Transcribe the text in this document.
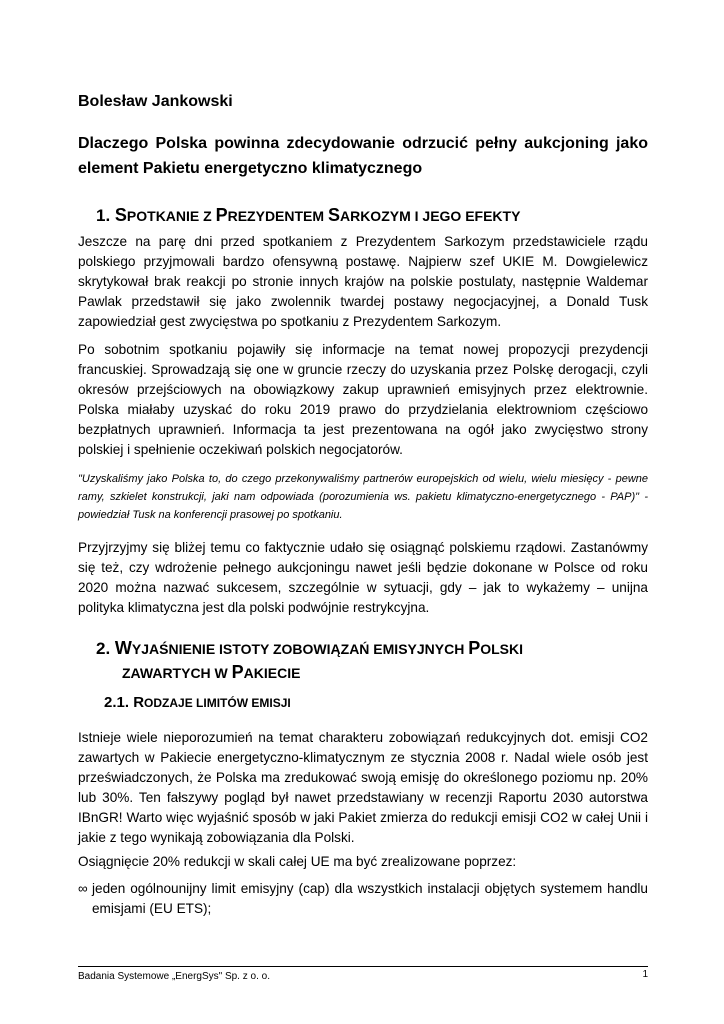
Bolesław Jankowski
Dlaczego Polska powinna zdecydowanie odrzucić pełny aukcjoning jako element Pakietu energetyczno klimatycznego
1. SPOTKANIE Z PREZYDENTEM SARKOZYM I JEGO EFEKTY
Jeszcze na parę dni przed spotkaniem z Prezydentem Sarkozym przedstawiciele rządu polskiego przyjmowali bardzo ofensywną postawę. Najpierw szef UKIE M. Dowgielewicz skrytykował brak reakcji po stronie innych krajów na polskie postulaty, następnie Waldemar Pawlak przedstawił się jako zwolennik twardej postawy negocjacyjnej, a Donald Tusk zapowiedział gest zwycięstwa po spotkaniu z Prezydentem Sarkozym.
Po sobotnim spotkaniu pojawiły się informacje na temat nowej propozycji prezydencji francuskiej. Sprowadzają się one w gruncie rzeczy do uzyskania przez Polskę derogacji, czyli okresów przejściowych na obowiązkowy zakup uprawnień emisyjnych przez elektrownie. Polska miałaby uzyskać do roku 2019 prawo do przydzielania elektrowniom częściowo bezpłatnych uprawnień. Informacja ta jest prezentowana na ogół jako zwycięstwo strony polskiej i spełnienie oczekiwań polskich negocjatorów.
"Uzyskaliśmy jako Polska to, do czego przekonywaliśmy partnerów europejskich od wielu, wielu miesięcy - pewne ramy, szkielet konstrukcji, jaki nam odpowiada (porozumienia ws. pakietu klimatyczno-energetycznego - PAP)" - powiedział Tusk na konferencji prasowej po spotkaniu.
Przyjrzyjmy się bliżej temu co faktycznie udało się osiągnąć polskiemu rządowi. Zastanówmy się też, czy wdrożenie pełnego aukcjoningu nawet jeśli będzie dokonane w Polsce od roku 2020 można nazwać sukcesem, szczególnie w sytuacji, gdy – jak to wykażemy – unijna polityka klimatyczna jest dla polski podwójnie restrykcyjna.
2. WYJAŚNIENIE ISTOTY ZOBOWIĄZAŃ EMISYJNYCH POLSKI
ZAWARTYCH W PAKIECIE
2.1. RODZAJE LIMITÓW EMISJI
Istnieje wiele nieporozumień na temat charakteru zobowiązań redukcyjnych dot. emisji CO2 zawartych w Pakiecie energetyczno-klimatycznym ze stycznia 2008 r. Nadal wiele osób jest przeświadczonych, że Polska ma zredukować swoją emisję do określonego poziomu np. 20% lub 30%. Ten fałszywy pogląd był nawet przedstawiany w recenzji Raportu 2030 autorstwa IBnGR! Warto więc wyjaśnić sposób w jaki Pakiet zmierza do redukcji emisji CO2 w całej Unii i jakie z tego wynikają zobowiązania dla Polski.
Osiągnięcie 20% redukcji w skali całej UE ma być zrealizowane poprzez:
∞ jeden ogólnounijny limit emisyjny (cap) dla wszystkich instalacji objętych systemem handlu emisjami (EU ETS);
Badania Systemowe „EnergSys" Sp. z o. o.	1
